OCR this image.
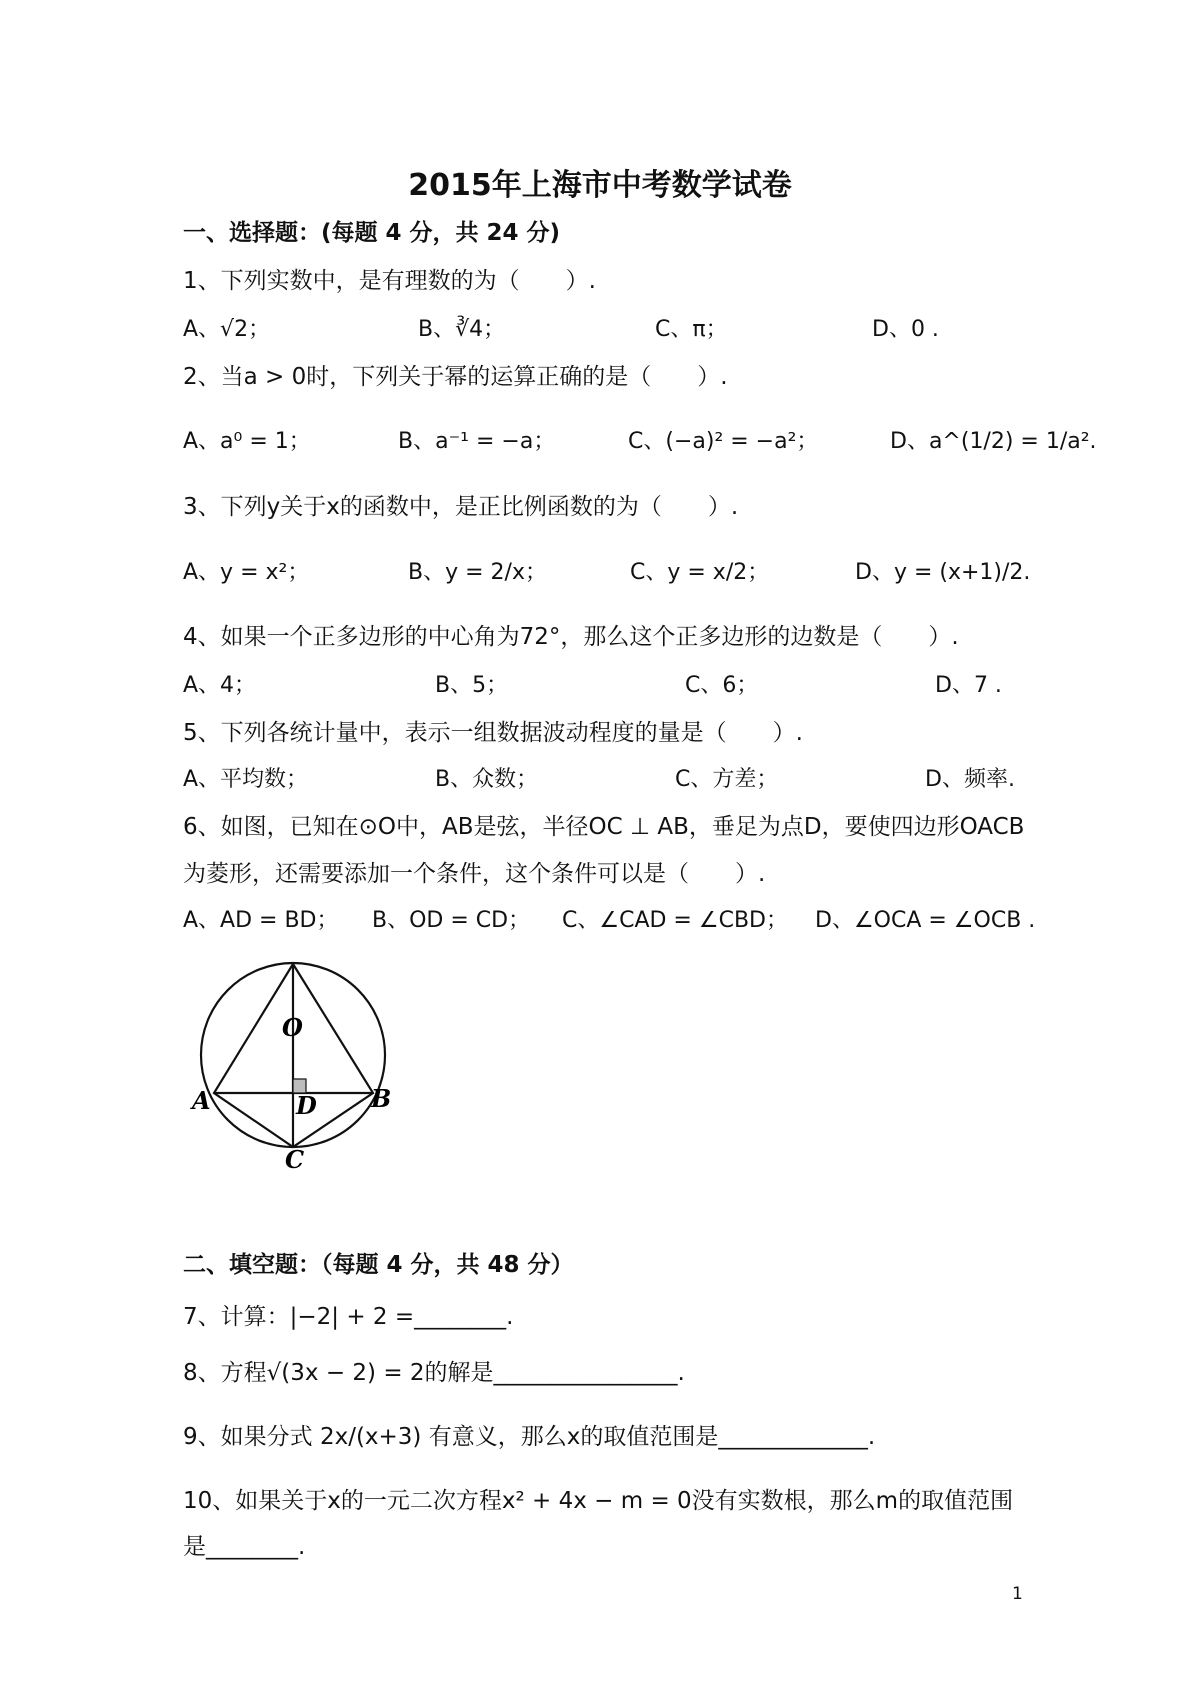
2015年上海市中考数学试卷
一、选择题：(每题 4 分，共 24 分)
1、下列实数中，是有理数的为（　　）.
A、√2；	B、∛4；	C、π；	D、0 .
2、当a > 0时，下列关于幂的运算正确的是（　　）.
A、a⁰ = 1；	B、a⁻¹ = −a；	C、(−a)² = −a²；	D、a^(1/2) = 1/a².
3、下列y关于x的函数中，是正比例函数的为（　　）.
A、y = x²；	B、y = 2/x；	C、y = x/2；	D、y = (x+1)/2.
4、如果一个正多边形的中心角为72°，那么这个正多边形的边数是（　　）.
A、4；	B、5；	C、6；	D、7 .
5、下列各统计量中，表示一组数据波动程度的量是（　　）.
A、平均数；	B、众数；	C、方差；	D、频率.
6、如图，已知在⊙O中，AB是弦，半径OC ⊥ AB，垂足为点D，要使四边形OACB
为菱形，还需要添加一个条件，这个条件可以是（　　）.
A、AD = BD； B、OD = CD； C、∠CAD = ∠CBD； D、∠OCA = ∠OCB .
O
A	B
C
D
二、填空题：（每题 4 分，共 48 分）
7、计算：|−2| + 2 =________.
8、方程√(3x − 2) = 2的解是________________.
9、如果分式 2x/(x+3) 有意义，那么x的取值范围是_____________.
10、如果关于x的一元二次方程x² + 4x − m = 0没有实数根，那么m的取值范围
是________.
1
